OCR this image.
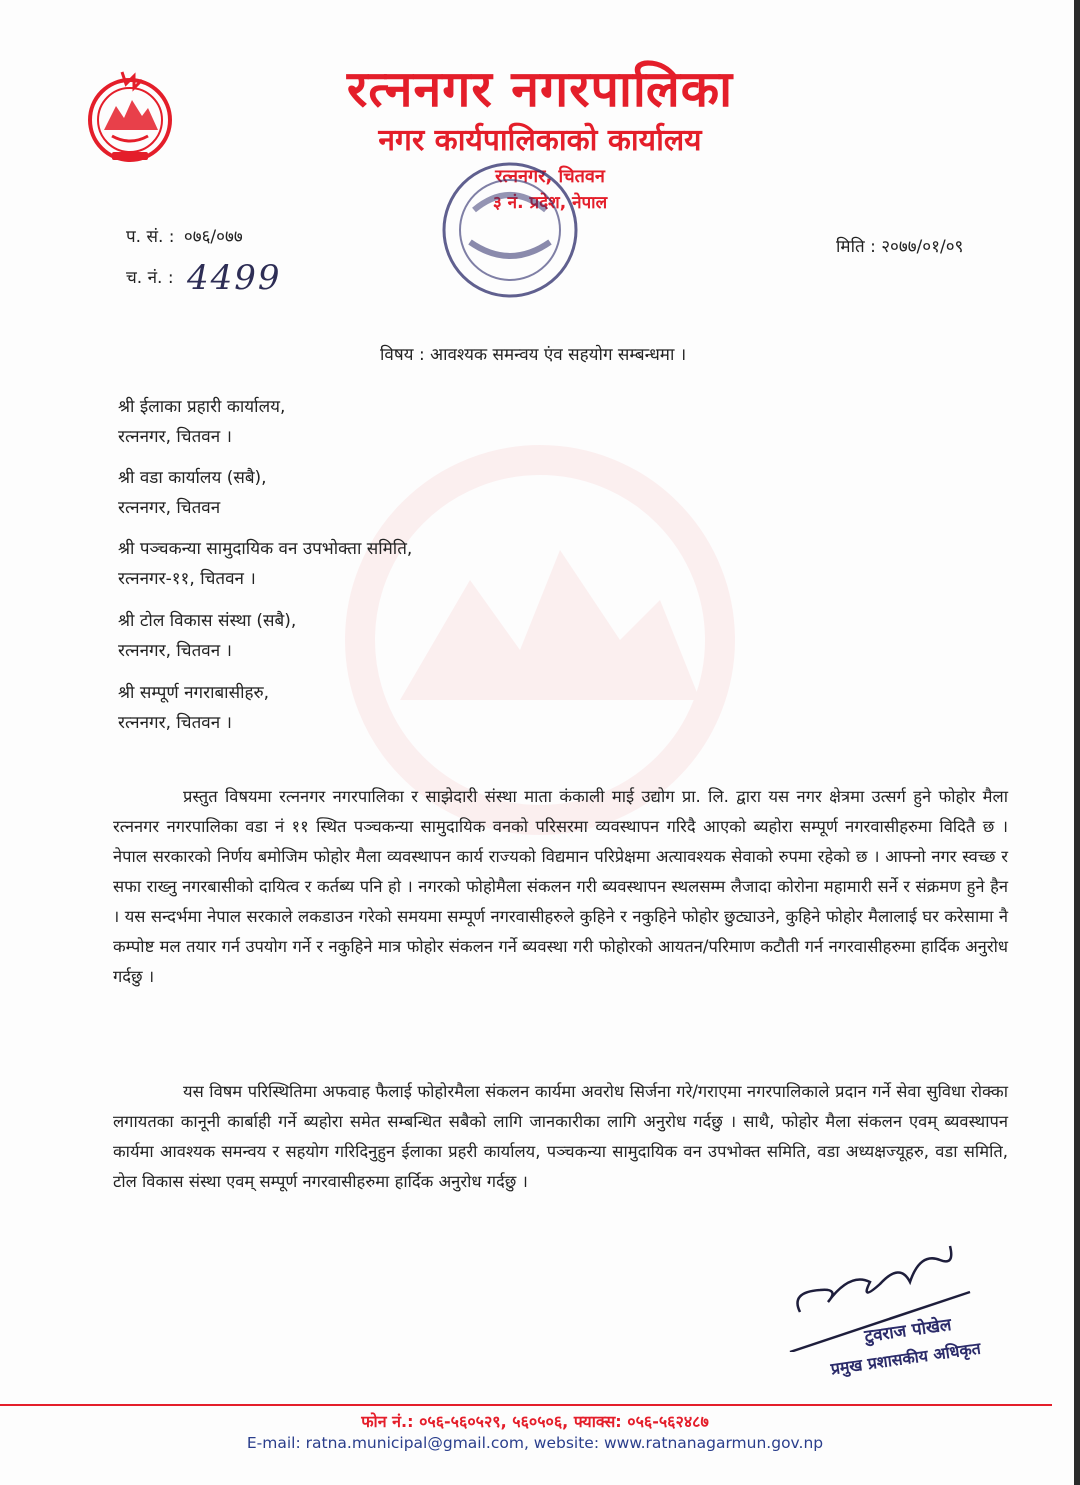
रत्ननगर नगरपालिका
नगर कार्यपालिकाको कार्यालय
रत्ननगर, चितवन
३ नं. प्रदेश, नेपाल
प. सं. : ०७६/०७७
च. नं. : 4499
मिति : २०७७/०१/०९
विषय : आवश्यक समन्वय एंव सहयोग सम्बन्धमा ।
श्री ईलाका प्रहारी कार्यालय,
रत्ननगर, चितवन ।
श्री वडा कार्यालय (सबै),
रत्ननगर, चितवन
श्री पञ्चकन्या सामुदायिक वन उपभोक्ता समिति,
रत्ननगर-११, चितवन ।
श्री टोल विकास संस्था (सबै),
रत्ननगर, चितवन ।
श्री सम्पूर्ण नगराबासीहरु,
रत्ननगर, चितवन ।
प्रस्तुत विषयमा रत्ननगर नगरपालिका र साझेदारी संस्था माता कंकाली माई उद्योग प्रा. लि. द्वारा यस नगर क्षेत्रमा उत्सर्ग हुने फोहोर मैला रत्ननगर नगरपालिका वडा नं ११ स्थित पञ्चकन्या सामुदायिक वनको परिसरमा व्यवस्थापन गरिदै आएको ब्यहोरा सम्पूर्ण नगरवासीहरुमा विदितै छ । नेपाल सरकारको निर्णय बमोजिम फोहोर मैला व्यवस्थापन कार्य राज्यको विद्यमान परिप्रेक्षमा अत्यावश्यक सेवाको रुपमा रहेको छ । आफ्नो नगर स्वच्छ र सफा राख्नु नगरबासीको दायित्व र कर्तब्य पनि हो । नगरको फोहोमैला संकलन गरी ब्यवस्थापन स्थलसम्म लैजादा कोरोना महामारी सर्ने र संक्रमण हुने हैन । यस सन्दर्भमा नेपाल सरकाले लकडाउन गरेको समयमा सम्पूर्ण नगरवासीहरुले कुहिने र नकुहिने फोहोर छुट्याउने, कुहिने फोहोर मैलालाई घर करेसामा नै कम्पोष्ट मल तयार गर्न उपयोग गर्ने र नकुहिने मात्र फोहोर संकलन गर्ने ब्यवस्था गरी फोहोरको आयतन/परिमाण कटौती गर्न नगरवासीहरुमा हार्दिक अनुरोध गर्दछु ।
यस विषम परिस्थितिमा अफवाह फैलाई फोहोरमैला संकलन कार्यमा अवरोध सिर्जना गरे/गराएमा नगरपालिकाले प्रदान गर्ने सेवा सुविधा रोक्का लगायतका कानूनी कार्बाही गर्ने ब्यहोरा समेत सम्बन्धित सबैको लागि जानकारीका लागि अनुरोध गर्दछु । साथै, फोहोर मैला संकलन एवम् ब्यवस्थापन कार्यमा आवश्यक समन्वय र सहयोग गरिदिनुहुन ईलाका प्रहरी कार्यालय, पञ्चकन्या सामुदायिक वन उपभोक्त समिति, वडा अध्यक्षज्यूहरु, वडा समिति, टोल विकास संस्था एवम् सम्पूर्ण नगरवासीहरुमा हार्दिक अनुरोध गर्दछु ।
टुवराज पोखेल
प्रमुख प्रशासकीय अधिकृत
फोन नं.: ०५६-५६०५२९, ५६०५०६, फ्याक्स: ०५६-५६२४८७
E-mail: ratna.municipal@gmail.com, website: www.ratnanagarmun.gov.np
